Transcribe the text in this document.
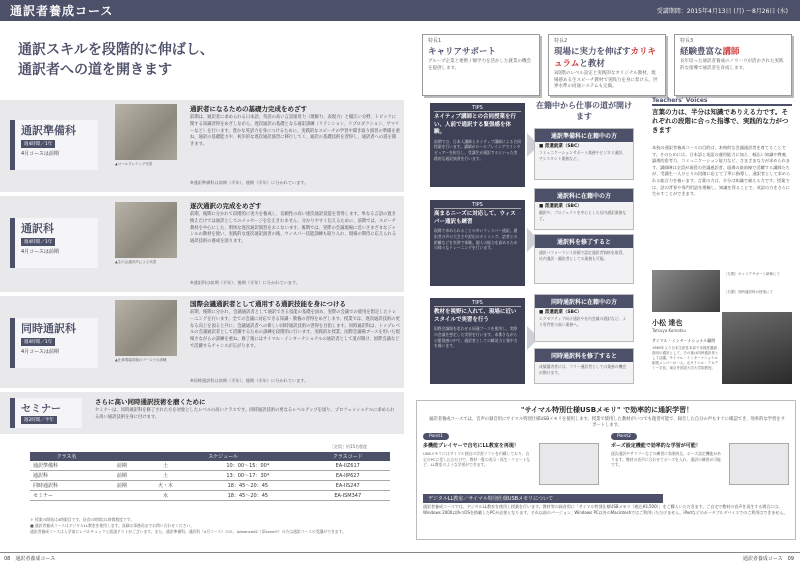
通訳者養成コース	受講期間：2015年4月13日 (月) ～8月26日 (水)
通訳スキルを段階的に伸ばし、
通訳者への道を開きます
特長1
キャリアサポート
グループ企業と連携 / 額学力を活かした就業の機会を提供します。
特長2
現場に実力を伸ばすカリキュラムと教材
3段階のレベル設定と実践的なオリジナル教材。現場感ある生スピーチ教材で実践力を身に着ける。世界水準の同通システムも完備。
特長3
経験豊富な講師
長年培った通訳者養成のノウハウが活かされた実践的な指導で通訳者を育成します。
通訳準備科
週4時間／1年
4月コースは前期
▲ロールプレイング実習
通訳者になるための基礎力完成をめざす
前期は、通訳者に求められる日本語、英語の高い言語運用力（理解力、表現力）と幅広い分野、トピックに関する知識習得をめざしながら、逐次通訳の基礎となる通訳訓練（リテンション、リプロダクション、サマリーなど）を行います。豊かな英語力を身につけるために、実践的なスピーチの学習や聞き取り演習の準備を重ね、通訳の基礎能力や、初歩的な逐次通訳演習に移行してく、通訳の基礎技術を習得し、通訳者への道を開きます。
※通訳準備科は前期（半年）、後期（半年）に分かれています。
TIPS
ネイティブ講師との合同授業を行い、人前で通訳する緊張感を体験。
前期では、日本人講師とネイティブ講師による合同授業を行います。講師がロールプレイングでインタビュアーを担当し、受講生が通訳するといった実践的な通訳演習を行います。
通訳科
週4時間／1年
4月コースは前期
▲生の会議音声による実習
逐次通訳の完成をめざす
前期、後期に分かれて段階的に実力を養成し、信頼性の高い逐次通訳技能を習得します。単なる言語の置き換えだけでは通訳としてのメッセージを伝えきれません。分かりやすく伝えるために、前期では、スピーチ教材を中心にした、明快な逐次通訳演習をおこないます。後期では、実際の会議現場に近いさまざまなジャンルの教材を使い、実践的な逐次通訳演習の後、ウィスパー技能訓練も取り入れ、現場の期待に応えられる通訳技術の養成を図ります。
※通訳科は前期（半年）、後期（半年）に分かれています。
TIPS
高まるニーズに対応して、ウィスパー通訳も練習
現場で求められることの多いウィスパー通訳。通訳者の声の大きさや訳出のタイミング、話者との距離などを実習で体験。個人の能力を高めるための様々なトレーニングを行います。
同時通訳科
週4時間／1年
4月コースは前期
▲仕事現場同様のブースでの訓練
国際会議通訳者として通用する通訳技能を身につける
前期、後期に分かれ、会議通訳者として通訳できる技能の基礎を固め、実際の会議での使用を想定したトレーニングを行います。全ての会議に対応できる知識・教養の習得をめざします。授業では、逐次通訳技術の更なる向上を図ると共に、会議通訳者への新しい同時通訳技術の習得を目指します。同時通訳科は、トップレベルの会議通訳者として活躍するための訓練を段階的に行います。実践的な授業、国際会議場ブースを用いた現場さながらの訓練を重ね、修了後にはサイマル・インターナショナルの通訳者として道が開け、国際会議などで活躍するチャンスが広がります。
※同時通訳科は前期（半年）、後期（半年）に分かれています。
TIPS
教材を視野に入れて、現場に近いスタイルで実習を行う
国際会議場を思わせる同通ブースを使用し、実際の会議を想定した実習を行います。本番さながらの緊張感の中で、通訳者としての瞬発力と集中力を養います。
在籍中から仕事の道が開けます
通訳準備科に在籍中の方
■ 派遣就業（SBC）
コミュニケーションサポート業務やビジネス通訳、アシスタント業務など。
通訳科に在籍中の方
■ 派遣就業（SBC）
翻訳や、プロジェクトを中心とした社内通訳業務など。
通訳科を修了すると
通訳パフォーマンス評価で認定通訳者資格を取得。社内通訳・翻訳者としての業務も可能。
同時通訳科に在籍中の方
■ 派遣就業（SBC）
エグゼクティブ向け通訳や社内会議の通訳など。より専門性の高い業務へ。
同時通訳科を修了すると
成績優秀者には、フリー通訳者としての業務の機会が開けます。
Teachers' Voices
言葉の力は、半分は知識でありえる力です。それぞれの段階に合った指導で、実践的な力がつきます
本校の通訳者養成コースの目的は、本格的な会議通訳者を育てることです。そのためには、日本語と英語の運用能力に加え、幅広い知識や教養、論理的思考力、コミュニケーション能力など、さまざまな力が求められます。講師陣は全員が現役の会議通訳者。現場の最前線で活躍する講師たちが、受講生一人ひとりの段階に応じて丁寧に指導し、通訳者として求められる総合力を養います。言葉の力は、半分は知識で補える力です。授業では、話の背景や専門用語を理解し、知識を得ることで、英語の力をさらに生かすことができます。
［左側］キャリアサポート研修にて
［右側］同時通訳科の授業にて
小松 達也
Tatsuya Komatsu
サイマル・インターナショナル顧問
1960年より日本生産性本部で米国派遣調査団の通訳として、その後は同時通訳者として活躍。サイマル・インターナショナル創業メンバーの一人。元サイマル・アカデミー学長、東京外国語大学大学院教授。
セミナー
週2時間／半年
さらに高い同時通訳技術を磨くために
セミナーは、同時通訳科を修了された方を対象としたレベルの高いクラスです。同時通訳技術の更なるレベルアップを図り、プロフェッショナルに求められる高い通訳技術を身に付けます。
［定員］約15名程度
クラス名		スケジュール		クラスコード
通訳準備科	前期	土	10：00～15：00*	EA-IIZ617
通訳科	前期	土	13：00～17：30*	EA-IIP627
同時通訳科	前期	火・木	18：45～20：45	EA-IIS247
セミナー		水	18：45～20：45	EA-ISM347
＊ 授業の開始は4時限目です。昼食の時間は1時間程度です。
■ 通訳者養成コースはデジタルLL教室を使用します。詳細は事務局までお問い合わせください。
通訳者養成コースは入学前にレベルチェックと面談テストがございます。また、通訳準備科、通訳科（4月コース）のみ、Advanced2（旧Level7）の方は通訳コースの受講ができます。
"サイマル特別仕様USBメモリ" で効率的に通訳学習！
通訳者養成コースでは、音声の録音用にサイマル特別仕様USBメモリを使用します。授業で使用した教材がいつでも復習可能で、録音した自分の声もすぐに確認でき、効率的な学習をサポートします。
Point1
多機能プレイヤーで自宅にLL教室を再現！
USBメモリにはサイマル独自の学習ソフトを内蔵しており、自宅のPCに差し込むだけで、教材一覧の表示・再生・リピートなど、LL教室のような学習ができます。
Point2
ポーズ設定機能で効率的な学習が可能！
逐次通訳やサマリーなどの練習に効果的な、ポーズ設定機能があります。教材の音声に合わせてポーズを入れ、通訳の練習が可能です。
デジタルLL教室／サイマル特別仕様USBメモリについて
通訳者養成コースでは、デジタルLL教室を使用し授業を行います。教材等の録音用に「サイマル特別仕様USBメモリ（税込¥3,500）」をご購入いただきます。ご自宅で教材の音声を再生する場合には、Windows 2000以降のOSを搭載したPCが必要となります。それ以前のバージョン、Windows PC以外のMacintoshではご利用いただけません。iPodなどのポータブルデバイスでのご利用はできません。
08　通訳者養成コース	通訳者養成コース　09
